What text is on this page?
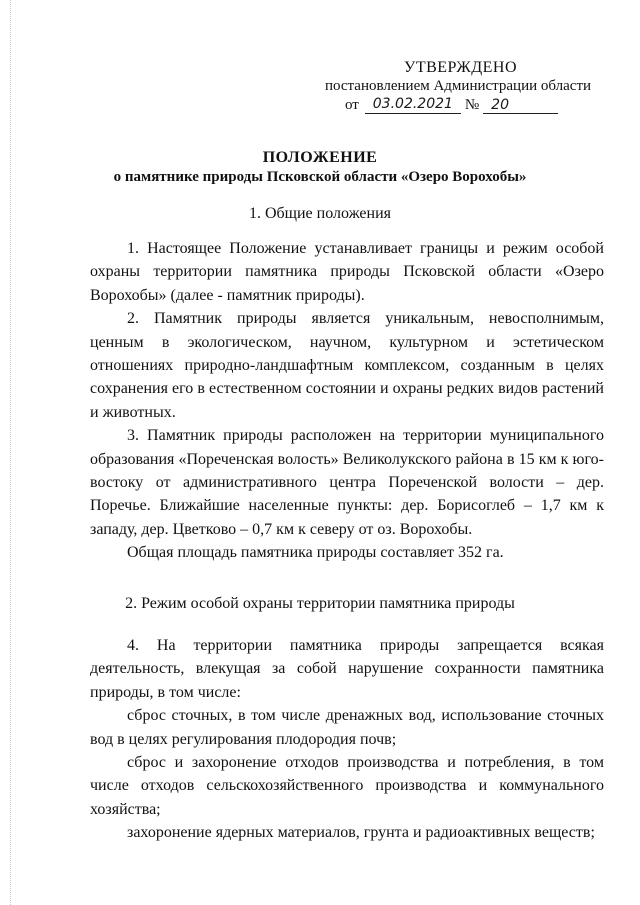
УТВЕРЖДЕНО
постановлением Администрации области
от 03.02.2021 № 20
ПОЛОЖЕНИЕ
о памятнике природы Псковской области «Озеро Ворохобы»
1. Общие положения

1. Настоящее Положение устанавливает границы и режим особой охраны территории памятника природы Псковской области «Озеро Ворохобы» (далее - памятник природы).

2. Памятник природы является уникальным, невосполнимым, ценным в экологическом, научном, культурном и эстетическом отношениях природно-ландшафтным комплексом, созданным в целях сохранения его в естественном состоянии и охраны редких видов растений и животных.

3. Памятник природы расположен на территории муниципального образования «Пореченская волость» Великолукского района в 15 км к юго-востоку от административного центра Пореченской волости – дер. Поречье. Ближайшие населенные пункты: дер. Борисоглеб – 1,7 км к западу, дер. Цветково – 0,7 км к северу от оз. Ворохобы.

Общая площадь памятника природы составляет 352 га.

2. Режим особой охраны территории памятника природы

4. На территории памятника природы запрещается всякая деятельность, влекущая за собой нарушение сохранности памятника природы, в том числе:

сброс сточных, в том числе дренажных вод, использование сточных вод в целях регулирования плодородия почв;

сброс и захоронение отходов производства и потребления, в том числе отходов сельскохозяйственного производства и коммунального хозяйства;

захоронение ядерных материалов, грунта и радиоактивных веществ;
